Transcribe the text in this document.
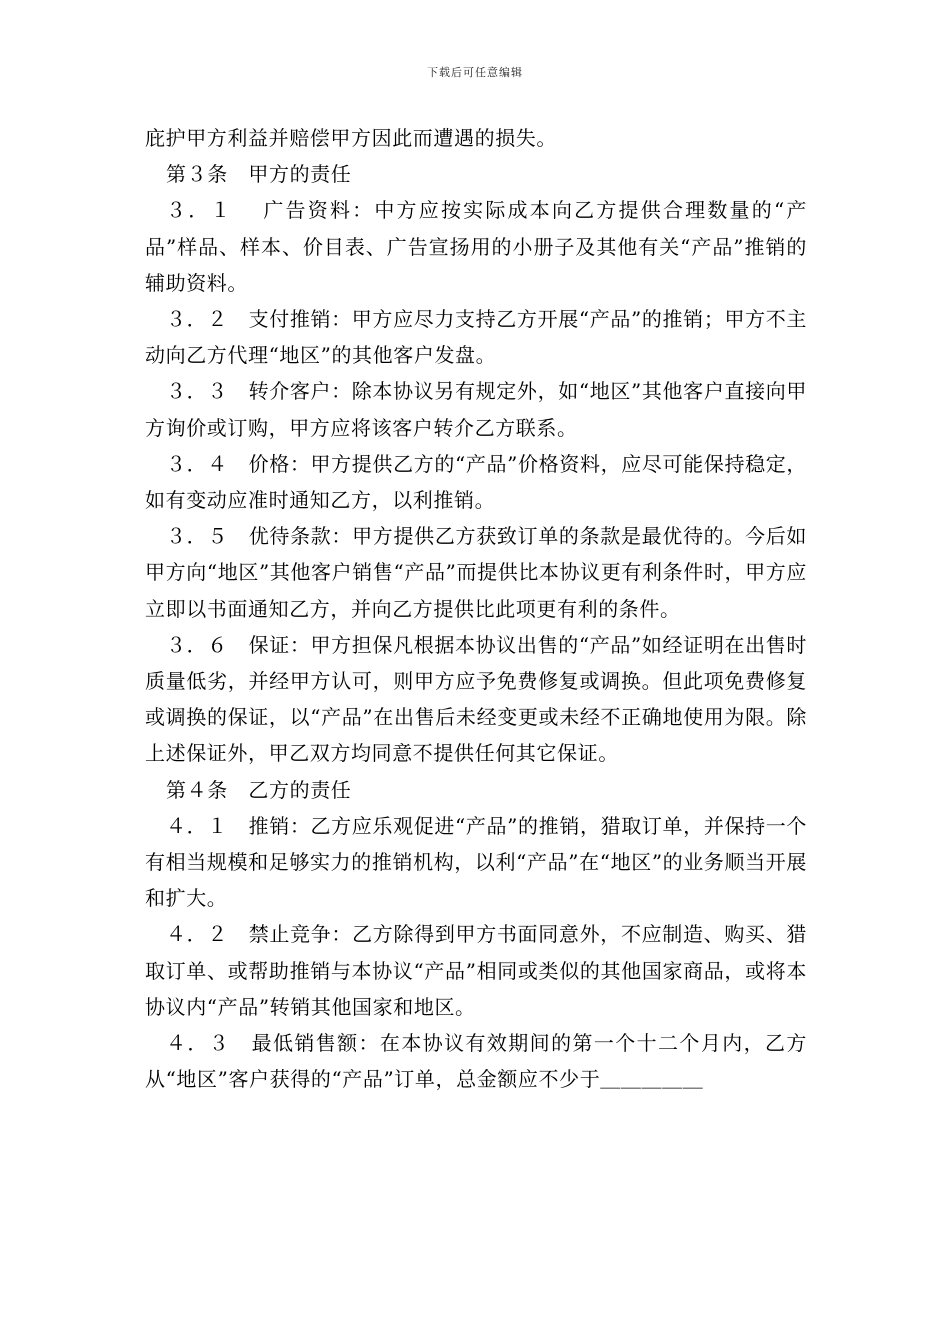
下载后可任意编辑

庇护甲方利益并赔偿甲方因此而遭遇的损失。

第３条　甲方的责任

３．１　 广告资料：中方应按实际成本向乙方提供合理数量的“产品”样品、样本、价目表、广告宣扬用的小册子及其他有关“产品”推销的辅助资料。

３．２　支付推销：甲方应尽力支持乙方开展“产品”的推销；甲方不主动向乙方代理“地区”的其他客户发盘。

３．３　转介客户：除本协议另有规定外，如“地区”其他客户直接向甲方询价或订购，甲方应将该客户转介乙方联系。

３．４　价格：甲方提供乙方的“产品”价格资料，应尽可能保持稳定，如有变动应准时通知乙方，以利推销。

３．５　优待条款：甲方提供乙方获致订单的条款是最优待的。今后如甲方向“地区”其他客户销售“产品”而提供比本协议更有利条件时，甲方应立即以书面通知乙方，并向乙方提供比此项更有利的条件。

３．６　保证：甲方担保凡根据本协议出售的“产品”如经证明在出售时质量低劣，并经甲方认可，则甲方应予免费修复或调换。但此项免费修复或调换的保证，以“产品”在出售后未经变更或未经不正确地使用为限。除上述保证外，甲乙双方均同意不提供任何其它保证。

第４条　乙方的责任

４．１　推销：乙方应乐观促进“产品”的推销，猎取订单，并保持一个有相当规模和足够实力的推销机构，以利“产品”在“地区”的业务顺当开展和扩大。

４．２　禁止竞争：乙方除得到甲方书面同意外，不应制造、购买、猎取订单、或帮助推销与本协议“产品”相同或类似的其他国家商品，或将本协议内“产品”转销其他国家和地区。

４．３　最低销售额：在本协议有效期间的第一个十二个月内，乙方从“地区”客户获得的“产品”订单，总金额应不少于＿＿＿＿＿
